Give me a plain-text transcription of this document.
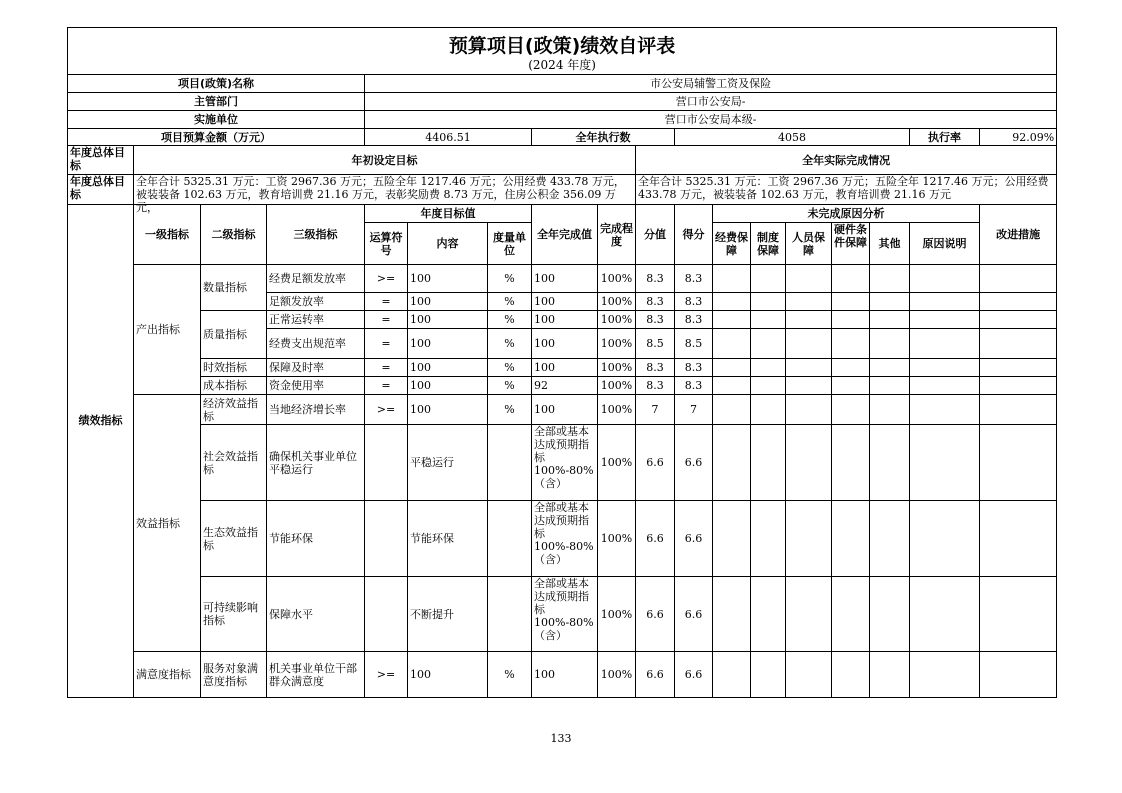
预算项目(政策)绩效自评表
(2024 年度)																	

项目(政策)名称				市公安局辅警工资及保险													
主管部门				营口市公安局-													
实施单位				营口市公安局本级-													
项目预算金额（万元）				4406.51			全年执行数			4058						执行率	92.09%

年度总体目标	年初设定目标								全年实际完成情况								

年度总体目标	全年合计 5325.31 万元：工资 2967.36 万元；五险全年 1217.46 万元；公用经费 433.78 万元，被装装备 102.63 万元，教育培训费 21.16 万元，表彰奖励费 8.73 万元，住房公积金 356.09 万元，								全年合计 5325.31 万元：工资 2967.36 万元；五险全年 1217.46 万元；公用经费 433.78 万元，被装装备 102.63 万元，教育培训费 21.16 万元								

	一级指标	二级指标	三级指标	年度目标值			全年完成值	完成程度	分值	得分	未完成原因分析						改进措施
				运算符号	内容	度量单位					经费保障	制度保障	人员保障	硬件条件保障	其他	原因说明	
绩效指标	产出指标	数量指标	经费足额发放率	>=	100	%	100	100%	8.3	8.3							
			足额发放率	=	100	%	100	100%	8.3	8.3							
		质量指标	正常运转率	=	100	%	100	100%	8.3	8.3							
			经费支出规范率	=	100	%	100	100%	8.5	8.5							
		时效指标	保障及时率	=	100	%	100	100%	8.3	8.3							
		成本指标	资金使用率	=	100	%	92	100%	8.3	8.3							
	效益指标	经济效益指标	当地经济增长率	>=	100	%	100	100%	7	7							
		社会效益指标	确保机关事业单位平稳运行		平稳运行		全部或基本达成预期指标100%-80%（含）	100%	6.6	6.6							
		生态效益指标	节能环保		节能环保		全部或基本达成预期指标100%-80%（含）	100%	6.6	6.6							
		可持续影响指标	保障水平		不断提升		全部或基本达成预期指标100%-80%（含）	100%	6.6	6.6							
	满意度指标	服务对象满意度指标	机关事业单位干部群众满意度	>=	100	%	100	100%	6.6	6.6							
133
